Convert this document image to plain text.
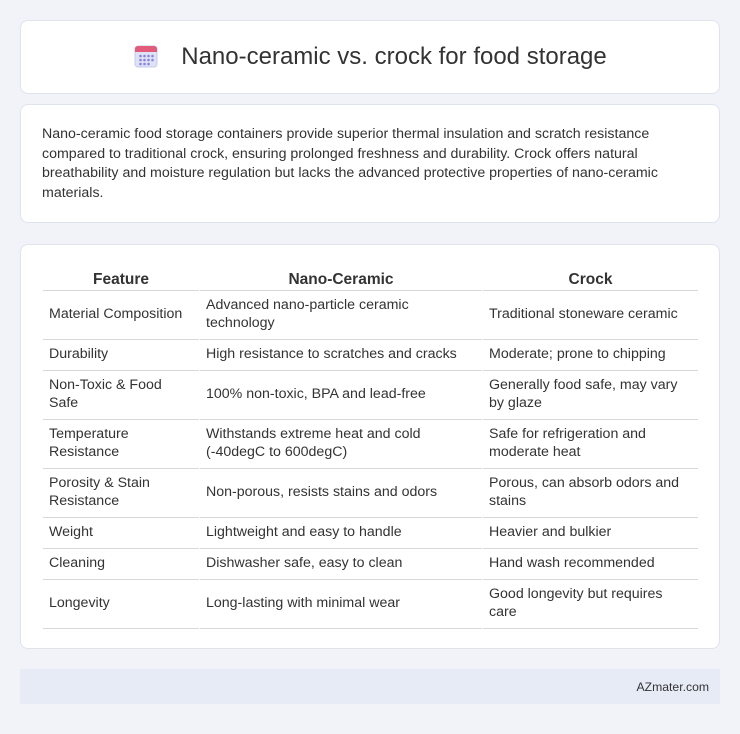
Nano-ceramic vs. crock for food storage

Nano-ceramic food storage containers provide superior thermal insulation and scratch resistance compared to traditional crock, ensuring prolonged freshness and durability. Crock offers natural breathability and moisture regulation but lacks the advanced protective properties of nano-ceramic materials.

Feature	Nano-Ceramic	Crock
Material Composition	Advanced nano-particle ceramic technology	Traditional stoneware ceramic
Durability	High resistance to scratches and cracks	Moderate; prone to chipping
Non-Toxic & Food Safe	100% non-toxic, BPA and lead-free	Generally food safe, may vary by glaze
Temperature Resistance	Withstands extreme heat and cold (-40degC to 600degC)	Safe for refrigeration and moderate heat
Porosity & Stain Resistance	Non-porous, resists stains and odors	Porous, can absorb odors and stains
Weight	Lightweight and easy to handle	Heavier and bulkier
Cleaning	Dishwasher safe, easy to clean	Hand wash recommended
Longevity	Long-lasting with minimal wear	Good longevity but requires care
AZmater.com
